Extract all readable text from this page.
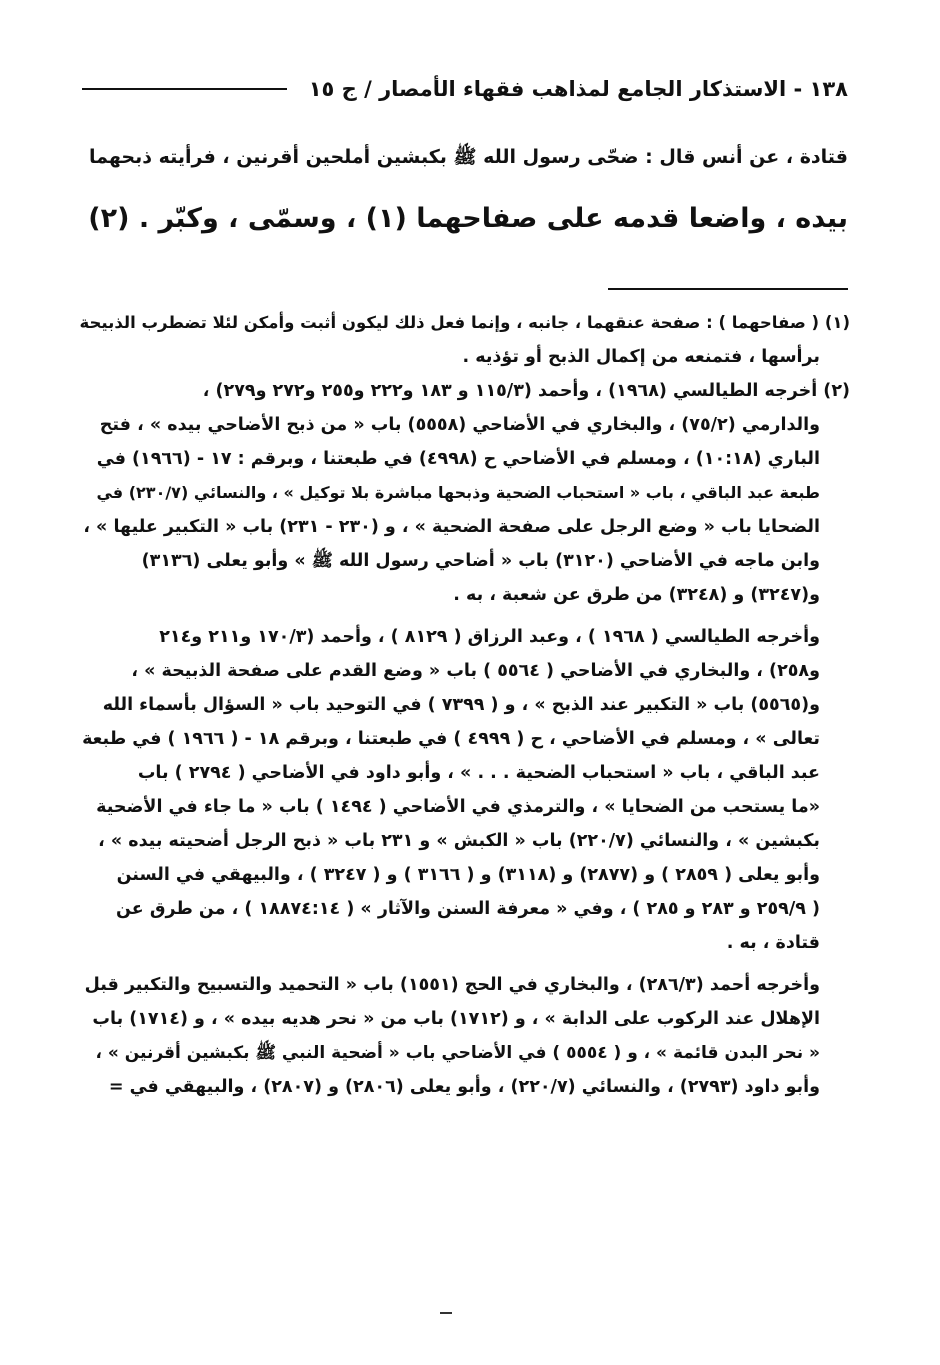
١٣٨ - الاستذكار الجامع لمذاهب فقهاء الأمصار / ج ١٥
قتادة ، عن أنس قال : ضحّى رسول الله ﷺ بكبشين أملحين أقرنين ، فرأيته ذبحهما
بيده ، واضعا قدمه على صفاحهما (١) ، وسمّى ، وكبّر . (٢)
(١) ( صفاحهما ) : صفحة عنقهما ، جانبه ، وإنما فعل ذلك ليكون أثبت وأمكن لئلا تضطرب الذبيحة
برأسها ، فتمنعه من إكمال الذبح أو تؤذيه .
(٢) أخرجه الطيالسي (١٩٦٨) ، وأحمد (١١٥/٣ و ١٨٣ و٢٢٢ و٢٥٥ و٢٧٢ و٢٧٩) ،
والدارمي (٧٥/٢) ، والبخاري في الأضاحي (٥٥٥٨) باب « من ذبح الأضاحي بيده » ، فتح
الباري (١٠:١٨) ، ومسلم في الأضاحي ح (٤٩٩٨) في طبعتنا ، وبرقم : ١٧ - (١٩٦٦) في
طبعة عبد الباقي ، باب « استحباب الضحية وذبحها مباشرة بلا توكيل » ، والنسائي (٢٣٠/٧) في
الضحايا باب « وضع الرجل على صفحة الضحية » ، و (٢٣٠ - ٢٣١) باب « التكبير عليها » ،
وابن ماجه في الأضاحي (٣١٢٠) باب « أضاحي رسول الله ﷺ » وأبو يعلى (٣١٣٦)
و(٣٢٤٧) و (٣٢٤٨) من طرق عن شعبة ، به .
وأخرجه الطيالسي ( ١٩٦٨ ) ، وعبد الرزاق ( ٨١٢٩ ) ، وأحمد (١٧٠/٣ و٢١١ و٢١٤
و٢٥٨) ، والبخاري في الأضاحي ( ٥٥٦٤ ) باب « وضع القدم على صفحة الذبيحة » ،
و(٥٥٦٥) باب « التكبير عند الذبح » ، و ( ٧٣٩٩ ) في التوحيد باب « السؤال بأسماء الله
تعالى » ، ومسلم في الأضاحي ، ح ( ٤٩٩٩ ) في طبعتنا ، وبرقم ١٨ - ( ١٩٦٦ ) في طبعة
عبد الباقي ، باب « استحباب الضحية . . . » ، وأبو داود في الأضاحي ( ٢٧٩٤ ) باب
«ما يستحب من الضحايا » ، والترمذي في الأضاحي ( ١٤٩٤ ) باب « ما جاء في الأضحية
بكبشين » ، والنسائي (٢٢٠/٧) باب « الكبش » و ٢٣١ باب « ذبح الرجل أضحيته بيده » ،
وأبو يعلى ( ٢٨٥٩ ) و (٢٨٧٧) و (٣١١٨) و ( ٣١٦٦ ) و ( ٣٢٤٧ ) ، والبيهقي في السنن
( ٢٥٩/٩ و ٢٨٣ و ٢٨٥ ) ، وفي « معرفة السنن والآثار » ( ١٨٨٧٤:١٤ ) ، من طرق عن
قتادة ، به .
وأخرجه أحمد (٢٨٦/٣) ، والبخاري في الحج (١٥٥١) باب « التحميد والتسبيح والتكبير قبل
الإهلال عند الركوب على الدابة » ، و (١٧١٢) باب من « نحر هديه بيده » ، و (١٧١٤) باب
« نحر البدن قائمة » ، و ( ٥٥٥٤ ) في الأضاحي باب « أضحية النبي ﷺ بكبشين أقرنين » ،
وأبو داود (٢٧٩٣) ، والنسائي (٢٢٠/٧) ، وأبو يعلى (٢٨٠٦) و (٢٨٠٧) ، والبيهقي في =
